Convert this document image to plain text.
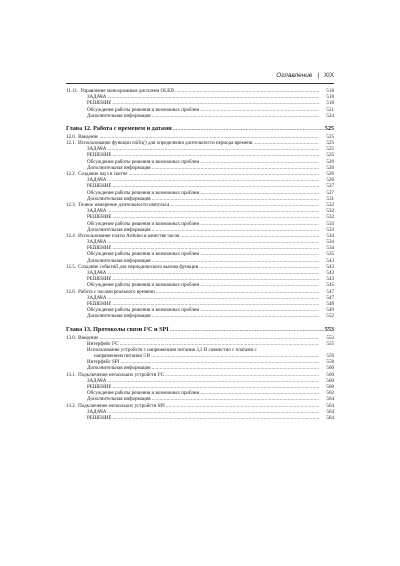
Оглавление | XIX
11.11. Управление монохромным дисплеем OLED .....	518
ЗАДАЧА .....	518
РЕШЕНИЕ .....	518
Обсуждение работы решения и возможных проблем .....	521
Дополнительная информация .....	524
Глава 12. Работа с временем и датами .....	525
12.0. Введение .....	525
12.1. Использование функции millis() для определения длительности периода времени .....	525
ЗАДАЧА .....	525
РЕШЕНИЕ .....	525
Обсуждение работы решения и возможных проблем .....	526
Дополнительная информация .....	526
12.2. Создание пауз в скетче .....	526
ЗАДАЧА .....	526
РЕШЕНИЕ .....	527
Обсуждение работы решения и возможных проблем .....	527
Дополнительная информация .....	531
12.3. Точное измерение длительности импульса .....	532
ЗАДАЧА .....	532
РЕШЕНИЕ .....	532
Обсуждение работы решения и возможных проблем .....	533
Дополнительная информация .....	533
12.4. Использование платы Arduino в качестве часов .....	534
ЗАДАЧА .....	534
РЕШЕНИЕ .....	534
Обсуждение работы решения и возможных проблем .....	535
Дополнительная информация .....	543
12.5. Создание событий для периодического вызова функции .....	543
ЗАДАЧА .....	543
РЕШЕНИЕ .....	543
Обсуждение работы решения и возможных проблем .....	545
12.6. Работа с часами реального времени .....	547
ЗАДАЧА .....	547
РЕШЕНИЕ .....	548
Обсуждение работы решения и возможных проблем .....	549
Дополнительная информация .....	552
Глава 13. Протоколы связи I²C и SPI .....	553
13.0. Введение .....	553
Интерфейс I²C .....	555
Использование устройств с напряжением питания 3,3 В совместно с платами с
напряжением питания 5 В .....	556
Интерфейс SPI .....	558
Дополнительная информация .....	560
13.1. Подключение нескольких устройств I²C .....	560
ЗАДАЧА .....	560
РЕШЕНИЕ .....	560
Обсуждение работы решения и возможных проблем .....	562
Дополнительная информация .....	564
13.2. Подключение нескольких устройств SPI .....	564
ЗАДАЧА .....	564
РЕШЕНИЕ .....	564
